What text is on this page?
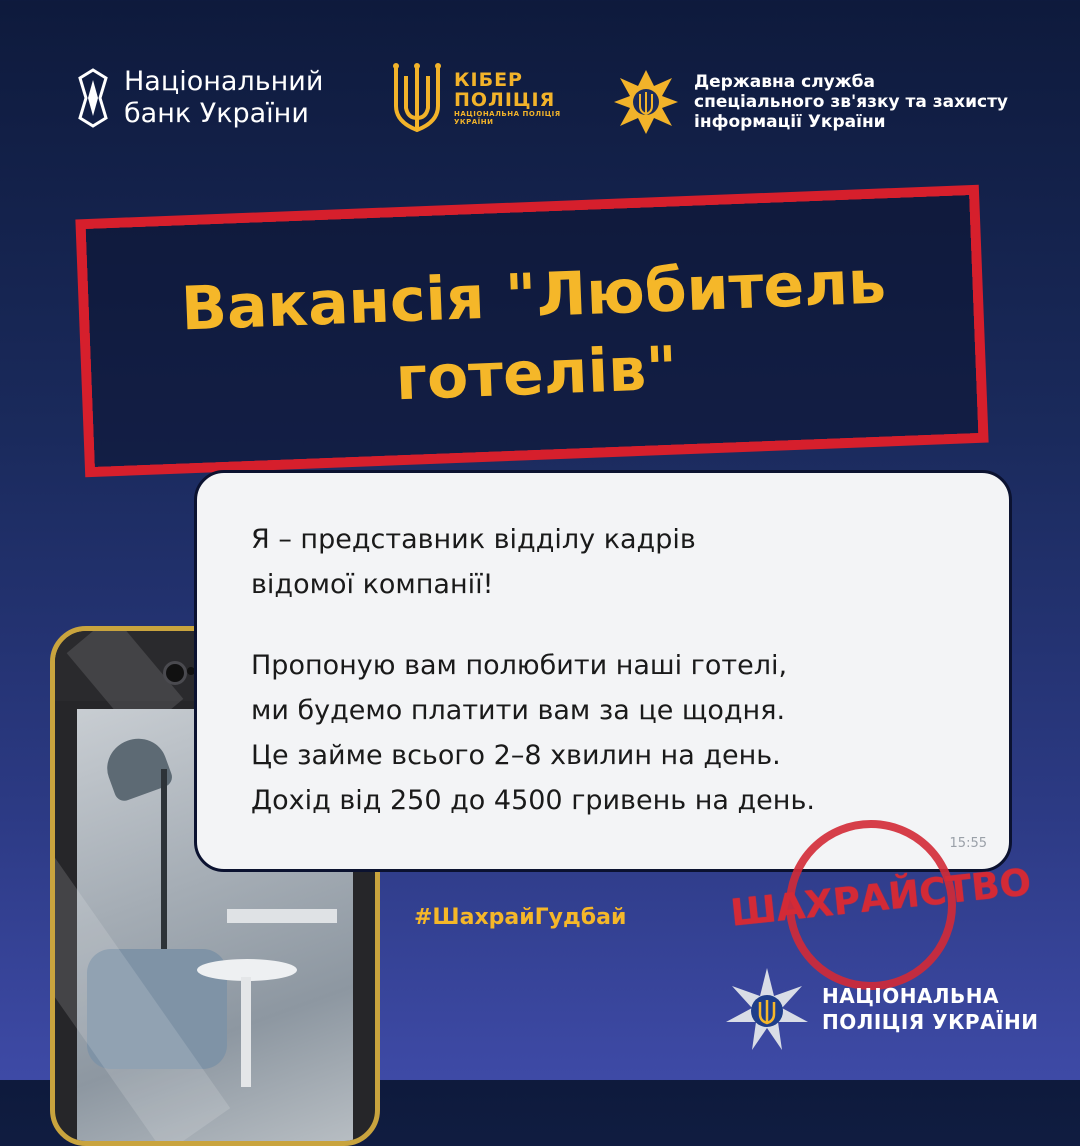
Національний
банк України
КІБЕР
ПОЛІЦІЯ
НАЦІОНАЛЬНА ПОЛІЦІЯ
УКРАЇНИ
Державна служба
спеціального зв'язку та захисту
інформації України
Вакансія "Любитель
готелів"

Я – представник відділу кадрів
відомої компанії!

Пропоную вам полюбити наші готелі,
ми будемо платити вам за це щодня.
Це займе всього 2–8 хвилин на день.
Дохід від 250 до 4500 гривень на день.

15:55
#ШахрайГудбай	ШАХРАЙСТВО
НАЦІОНАЛЬНА
ПОЛІЦІЯ УКРАЇНИ
